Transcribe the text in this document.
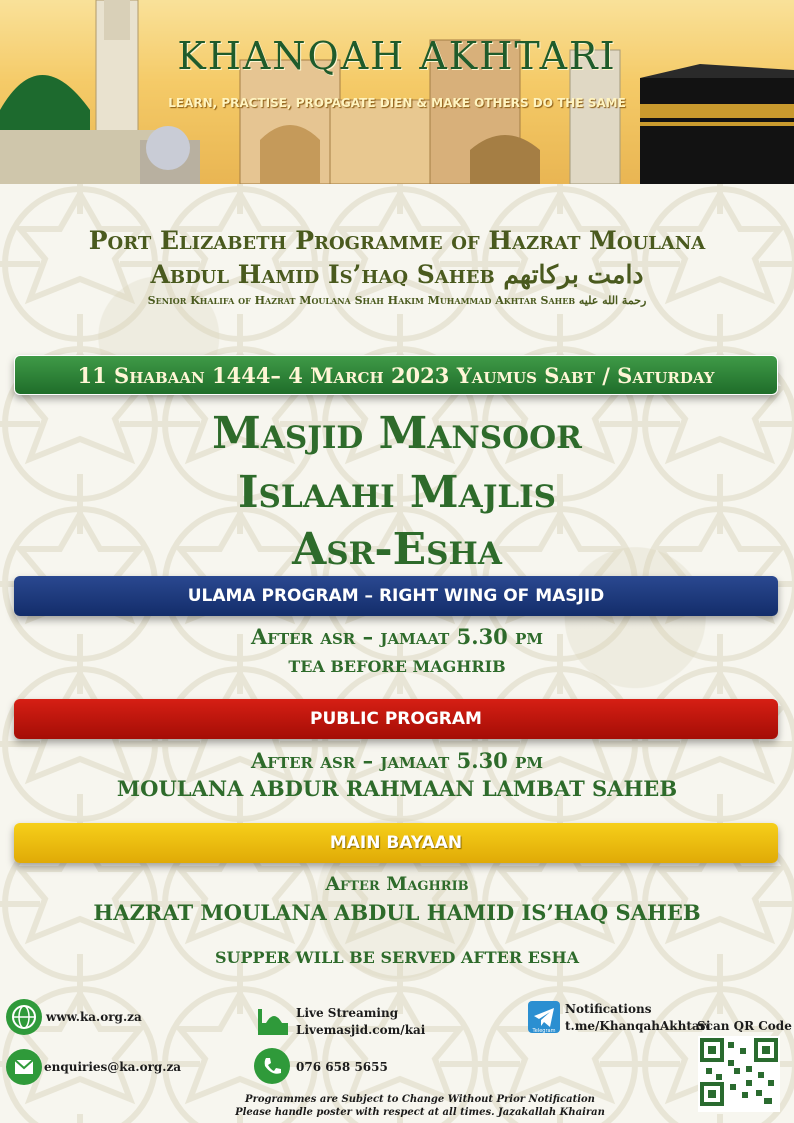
KHANQAH AKHTARI
LEARN, PRACTISE, PROPAGATE DIEN & MAKE OTHERS DO THE SAME
Port Elizabeth Programme of Hazrat Moulana
Abdul Hamid Is’haq Saheb دامت بركاتهم
Senior Khalifa of Hazrat Moulana Shah Hakim Muhammad Akhtar Saheb رحمة الله عليه
11 Shabaan 1444– 4 March 2023 Yaumus Sabt / Saturday
Masjid Mansoor
Islaahi Majlis
Asr-Esha
ULAMA PROGRAM – RIGHT WING OF MASJID
After asr – jamaat 5.30 pm
TEA BEFORE MAGHRIB
PUBLIC PROGRAM
After asr – jamaat 5.30 pm
MOULANA ABDUR RAHMAAN LAMBAT SAHEB
MAIN BAYAAN
After Maghrib
HAZRAT MOULANA ABDUL HAMID IS’HAQ SAHEB
SUPPER WILL BE SERVED AFTER ESHA
www.ka.org.za
enquiries@ka.org.za
Live Streaming
Livemasjid.com/kai
076 658 5655
Telegram
Notifications
t.me/KhanqahAkhtari
Scan QR Code
Programmes are Subject to Change Without Prior Notification
Please handle poster with respect at all times. Jazakallah Khairan
